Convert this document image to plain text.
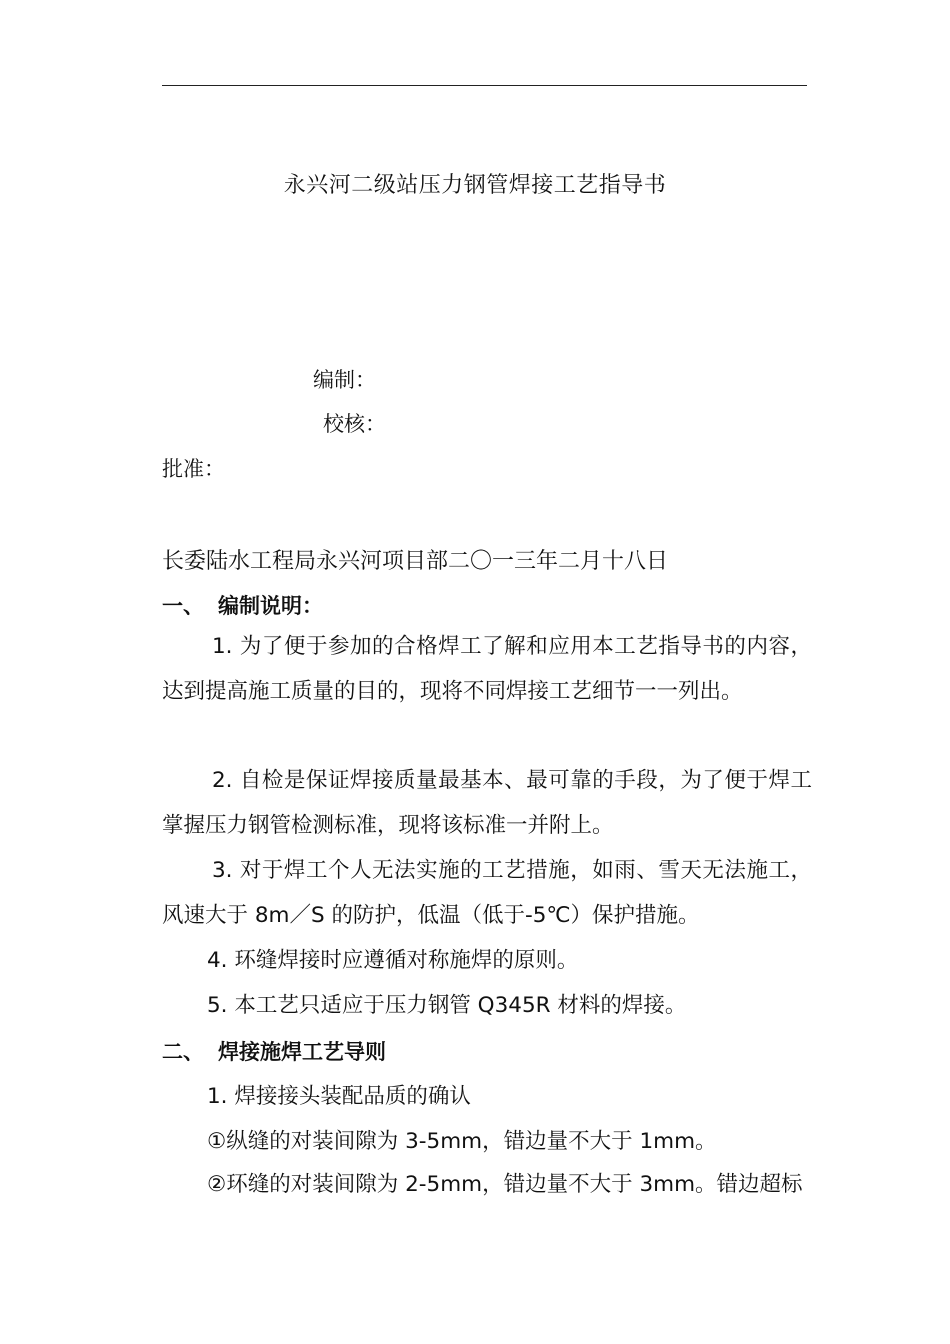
永兴河二级站压力钢管焊接工艺指导书
编制：
校核：
批准：
长委陆水工程局永兴河项目部二〇一三年二月十八日
一、 编制说明：

1. 为了便于参加的合格焊工了解和应用本工艺指导书的内容，达到提高施工质量的目的，现将不同焊接工艺细节一一列出。

2. 自检是保证焊接质量最基本、最可靠的手段，为了便于焊工掌握压力钢管检测标准，现将该标准一并附上。

3. 对于焊工个人无法实施的工艺措施，如雨、雪天无法施工，风速大于 8m／S 的防护，低温（低于-5℃）保护措施。

4. 环缝焊接时应遵循对称施焊的原则。

5. 本工艺只适应于压力钢管 Q345R 材料的焊接。

二、 焊接施焊工艺导则
1. 焊接接头装配品质的确认
①纵缝的对装间隙为 3-5mm，错边量不大于 1mm。
②环缝的对装间隙为 2-5mm，错边量不大于 3mm。错边超标
